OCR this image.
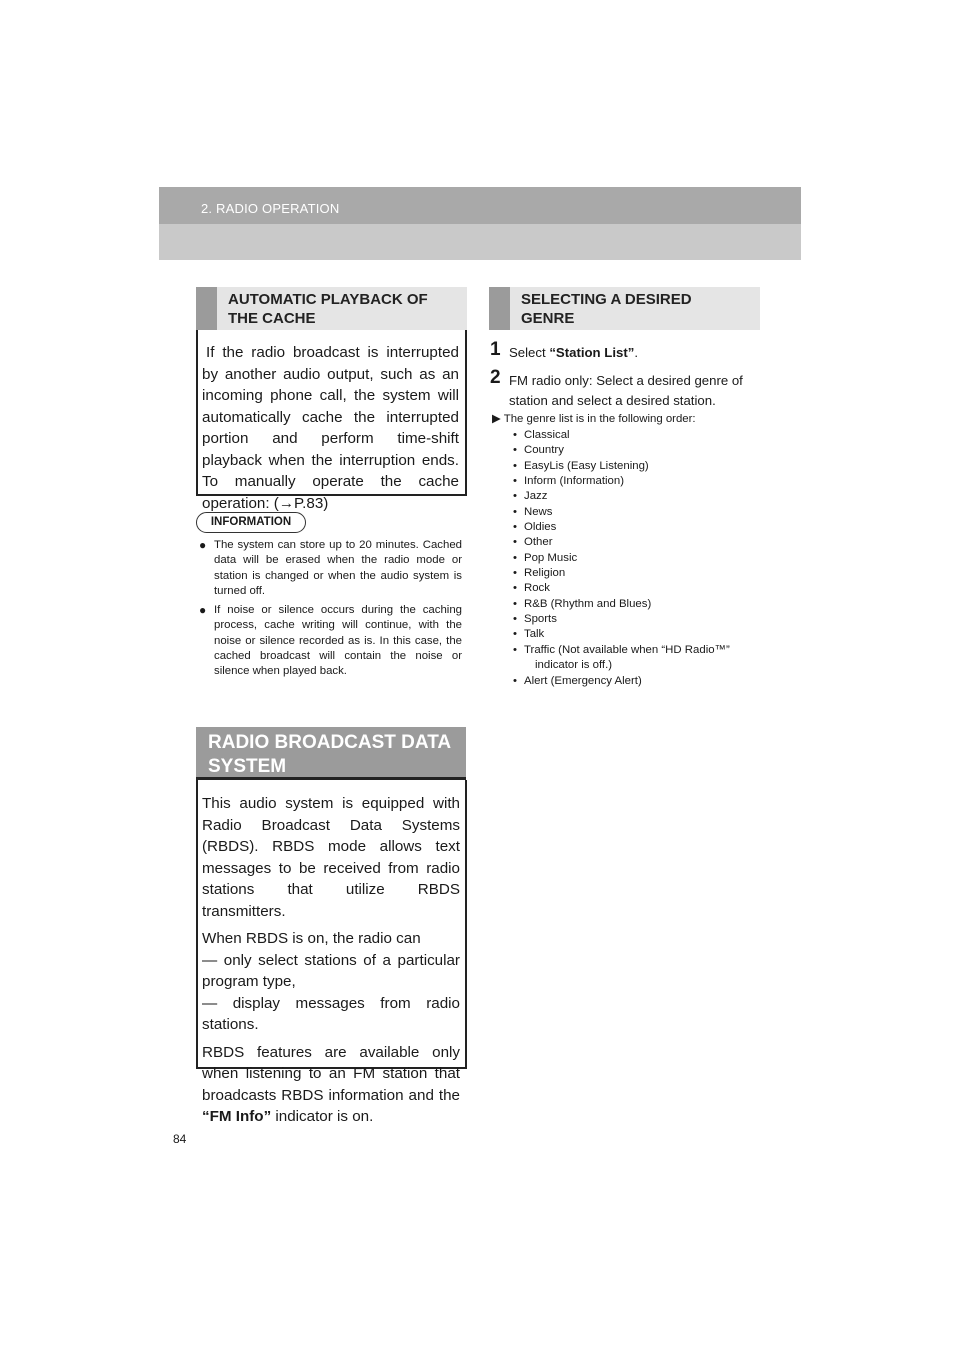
2. RADIO OPERATION
AUTOMATIC PLAYBACK OF THE CACHE

If the radio broadcast is interrupted by another audio output, such as an incoming phone call, the system will automatically cache the interrupted portion and perform time-shift playback when the interruption ends. To manually operate the cache operation: (→P.83)

INFORMATION
● The system can store up to 20 minutes. Cached data will be erased when the radio mode or station is changed or when the audio system is turned off.
● If noise or silence occurs during the caching process, cache writing will continue, with the noise or silence recorded as is. In this case, the cached broadcast will contain the noise or silence when played back.
RADIO BROADCAST DATA SYSTEM

This audio system is equipped with Radio Broadcast Data Systems (RBDS). RBDS mode allows text messages to be received from radio stations that utilize RBDS transmitters.

When RBDS is on, the radio can

— only select stations of a particular program type,

— display messages from radio stations.

RBDS features are available only when listening to an FM station that broadcasts RBDS information and the “FM Info” indicator is on.

SELECTING A DESIRED GENRE
1 Select “Station List”.
2 FM radio only: Select a desired genre of station and select a desired station.
▶ The genre list is in the following order:
• Classical
• Country
• EasyLis (Easy Listening)
• Inform (Information)
• Jazz
• News
• Oldies
• Other
• Pop Music
• Religion
• Rock
• R&B (Rhythm and Blues)
• Sports
• Talk
• Traffic (Not available when “HD Radio™”
indicator is off.)
• Alert (Emergency Alert)
84
